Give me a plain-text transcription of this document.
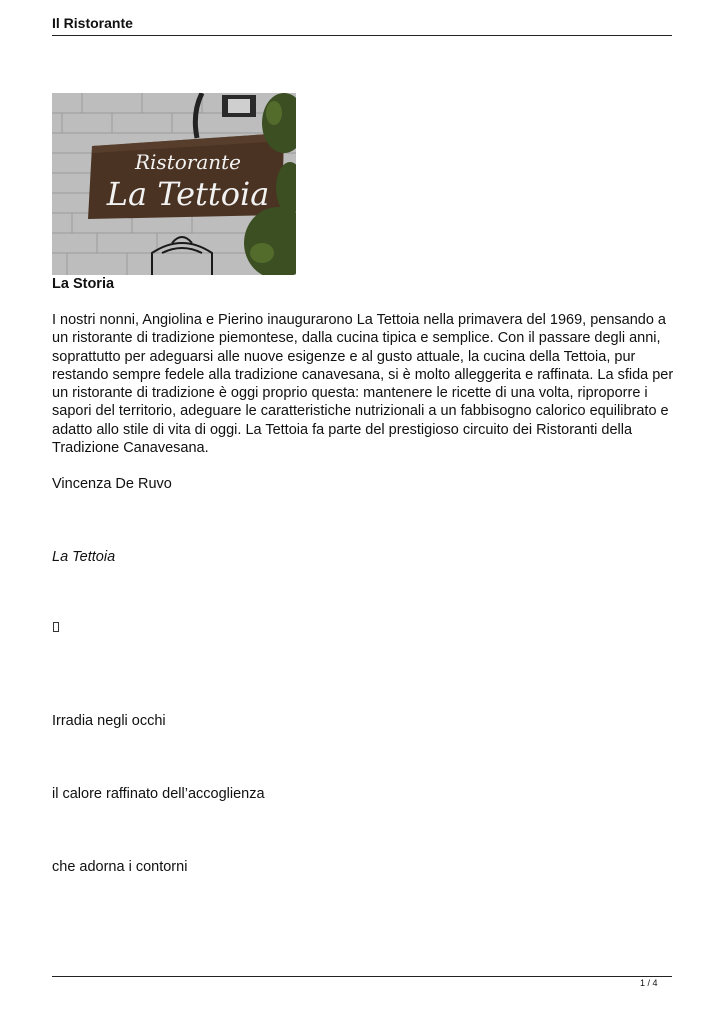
Il Ristorante
Ristorante
La Tettoia
La Storia

I nostri nonni, Angiolina e Pierino inaugurarono La Tettoia nella primavera del 1969, pensando a un ristorante di tradizione piemontese, dalla cucina tipica e semplice. Con il passare degli anni, soprattutto per adeguarsi alle nuove esigenze e al gusto attuale, la cucina della Tettoia, pur restando sempre fedele alla tradizione canavesana, si è molto alleggerita e raffinata. La sfida per un ristorante di tradizione è oggi proprio questa: mantenere le ricette di una volta, riproporre i sapori del territorio, adeguare le caratteristiche nutrizionali a un fabbisogno calorico equilibrato e adatto allo stile di vita di oggi. La Tettoia fa parte del prestigioso circuito dei Ristoranti della Tradizione Canavesana.

Vincenza De Ruvo
La Tettoia
Irradia negli occhi
il calore raffinato dell’accoglienza
che adorna i contorni
1 / 4
